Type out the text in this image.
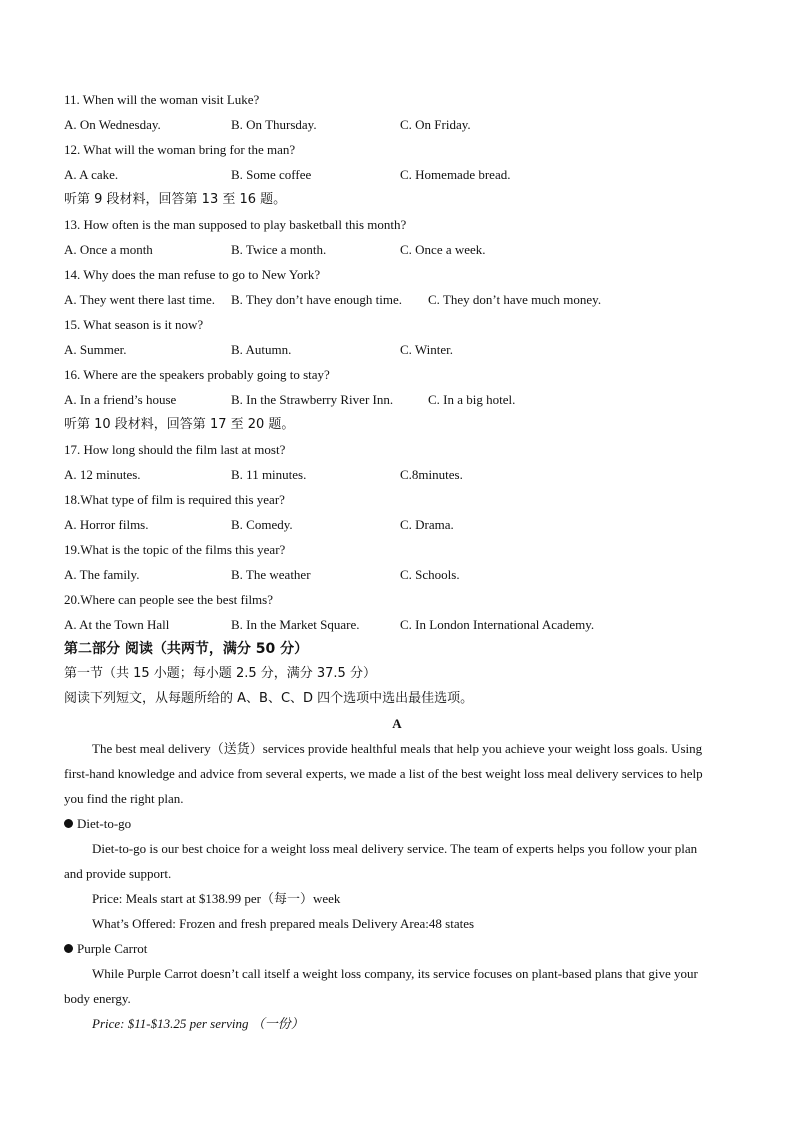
11. When will the woman visit Luke?
A. On Wednesday.	B. On Thursday.	C. On Friday.
12. What will the woman bring for the man?
A. A cake.	B. Some coffee	C. Homemade bread.
听第 9 段材料，回答第 13 至 16 题。
13. How often is the man supposed to play basketball this month?
A. Once a month	B. Twice a month.	C. Once a week.
14. Why does the man refuse to go to New York?
A. They went there last time. B. They don’t have enough time. C. They don’t have much money.
15. What season is it now?
A. Summer.	B. Autumn.	C. Winter.
16. Where are the speakers probably going to stay?
A. In a friend’s house	B. In the Strawberry River Inn.	C. In a big hotel.
听第 10 段材料，回答第 17 至 20 题。
17. How long should the film last at most?
A. 12 minutes.	B. 11 minutes.	C.8minutes.
18.What type of film is required this year?
A. Horror films.	B. Comedy.	C. Drama.
19.What is the topic of the films this year?
A. The family.	B. The weather	C. Schools.
20.Where can people see the best films?
A. At the Town Hall	B. In the Market Square.	C. In London International Academy.
第二部分 阅读（共两节，满分 50 分）
第一节（共 15 小题；每小题 2.5 分，满分 37.5 分）
阅读下列短文，从每题所给的 A、B、C、D 四个选项中选出最佳选项。
A
The best meal delivery（送货）services provide healthful meals that help you achieve your weight loss goals. Using first-hand knowledge and advice from several experts, we made a list of the best weight loss meal delivery services to help you find the right plan.
Diet-to-go
Diet-to-go is our best choice for a weight loss meal delivery service. The team of experts helps you follow your plan and provide support.
Price: Meals start at $138.99 per（每一）week
What’s Offered: Frozen and fresh prepared meals Delivery Area:48 states
Purple Carrot
While Purple Carrot doesn’t call itself a weight loss company, its service focuses on plant-based plans that give your body energy.
Price: $11-$13.25 per serving （一份）
